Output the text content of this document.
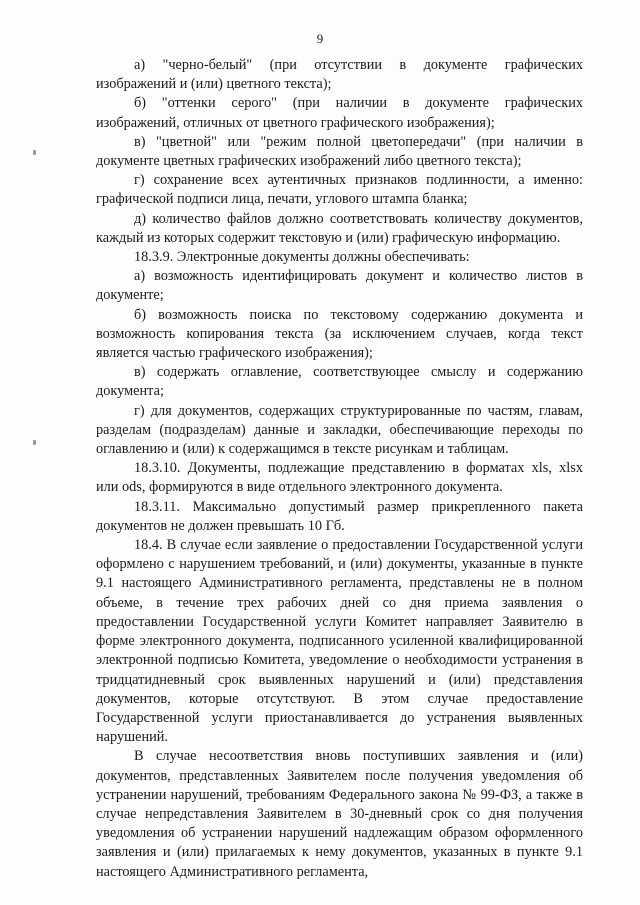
9

а) "черно-белый" (при отсутствии в документе графических изображений и (или) цветного текста);

б) "оттенки серого" (при наличии в документе графических изображений, отличных от цветного графического изображения);

в) "цветной" или "режим полной цветопередачи" (при наличии в документе цветных графических изображений либо цветного текста);

г) сохранение всех аутентичных признаков подлинности, а именно: графической подписи лица, печати, углового штампа бланка;

д) количество файлов должно соответствовать количеству документов, каждый из которых содержит текстовую и (или) графическую информацию.

18.3.9. Электронные документы должны обеспечивать:

а) возможность идентифицировать документ и количество листов в документе;

б) возможность поиска по текстовому содержанию документа и возможность копирования текста (за исключением случаев, когда текст является частью графического изображения);

в) содержать оглавление, соответствующее смыслу и содержанию документа;

г) для документов, содержащих структурированные по частям, главам, разделам (подразделам) данные и закладки, обеспечивающие переходы по оглавлению и (или) к содержащимся в тексте рисункам и таблицам.

18.3.10. Документы, подлежащие представлению в форматах xls, xlsx или ods, формируются в виде отдельного электронного документа.

18.3.11. Максимально допустимый размер прикрепленного пакета документов не должен превышать 10 Гб.

18.4. В случае если заявление о предоставлении Государственной услуги оформлено с нарушением требований, и (или) документы, указанные в пункте 9.1 настоящего Административного регламента, представлены не в полном объеме, в течение трех рабочих дней со дня приема заявления о предоставлении Государственной услуги Комитет направляет Заявителю в форме электронного документа, подписанного усиленной квалифицированной электронной подписью Комитета, уведомление о необходимости устранения в тридцатидневный срок выявленных нарушений и (или) представления документов, которые отсутствуют. В этом случае предоставление Государственной услуги приостанавливается до устранения выявленных нарушений.

В случае несоответствия вновь поступивших заявления и (или) документов, представленных Заявителем после получения уведомления об устранении нарушений, требованиям Федерального закона № 99-ФЗ, а также в случае непредставления Заявителем в 30-дневный срок со дня получения уведомления об устранении нарушений надлежащим образом оформленного заявления и (или) прилагаемых к нему документов, указанных в пункте 9.1 настоящего Административного регламента,
